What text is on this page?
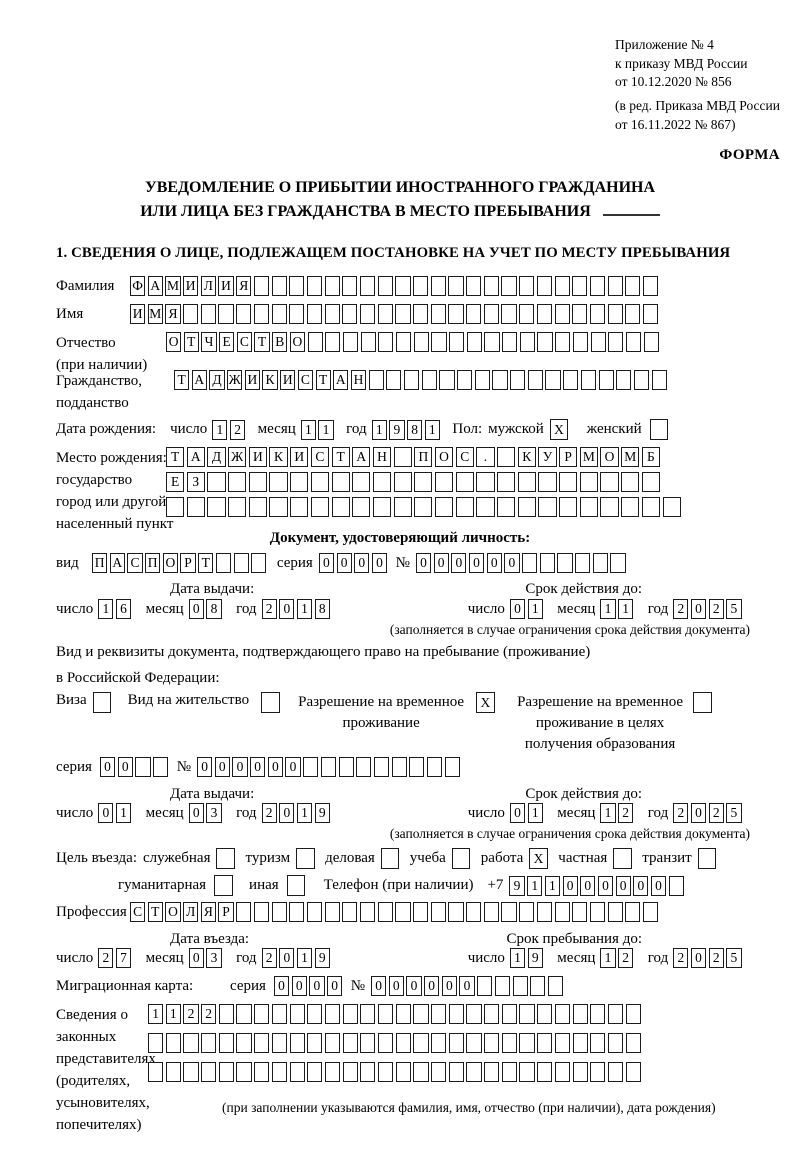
Приложение № 4
к приказу МВД России
от 10.12.2020 № 856
(в ред. Приказа МВД России
от 16.11.2022 № 867)
ФОРМА
УВЕДОМЛЕНИЕ О ПРИБЫТИИ ИНОСТРАННОГО ГРАЖДАНИНА
ИЛИ ЛИЦА БЕЗ ГРАЖДАНСТВА В МЕСТО ПРЕБЫВАНИЯ
1. СВЕДЕНИЯ О ЛИЦЕ, ПОДЛЕЖАЩЕМ ПОСТАНОВКЕ НА УЧЕТ ПО МЕСТУ ПРЕБЫВАНИЯ
Фамилия	Ф А М И Л И Я
Имя	И М Я
Отчество
(при наличии)
О Т Ч Е С Т В О
Гражданство,
подданство
Т А Д Ж И К И С Т А Н
Дата рождения: число 1 2 месяц 1 1 год 1 9 8 1 Пол: мужской X женский
Место рождения:
государство
город или другой
населенный пункт
Т А Д Ж И К И С Т А Н	П О С	.	К У Р М О М Б
Е З
Документ, удостоверяющий личность:
вид	П А С П О Р Т	серия 0 0 0 0 № 0 0 0 0 0 0
Дата выдачи:	Срок действия до:
число 1 6 месяц 0 8 год 2 0 1 8	число 0 1 месяц 1 1 год 2 0 2 5
(заполняется в случае ограничения срока действия документа)
Вид и реквизиты документа, подтверждающего право на пребывание (проживание)
в Российской Федерации:
Виза	Вид на жительство	Разрешение на временное
проживание
X Разрешение на временное
проживание в целях
получения образования
серия 0 0	№ 0 0 0 0 0 0
Дата выдачи:	Срок действия до:
число 0 1 месяц 0 3 год 2 0 1 9	число 0 1 месяц 1 2 год 2 0 2 5
(заполняется в случае ограничения срока действия документа)
Цель въезда: служебная туризм деловая учеба работа X частная транзит
гуманитарная	иная	Телефон (при наличии) +7 9 1 1 0 0 0 0 0 0
Профессия С Т О Л Я Р
Дата въезда:	Срок пребывания до:
число 2 7 месяц 0 3 год 2 0 1 9	число 1 9 месяц 1 2 год 2 0 2 5
Миграционная карта:	серия 0 0 0 0 № 0 0 0 0 0 0
Сведения о
законных
представителях
(родителях,
усыновителях,
попечителях)
1 1 2 2
(при заполнении указываются фамилия, имя, отчество (при наличии), дата рождения)
